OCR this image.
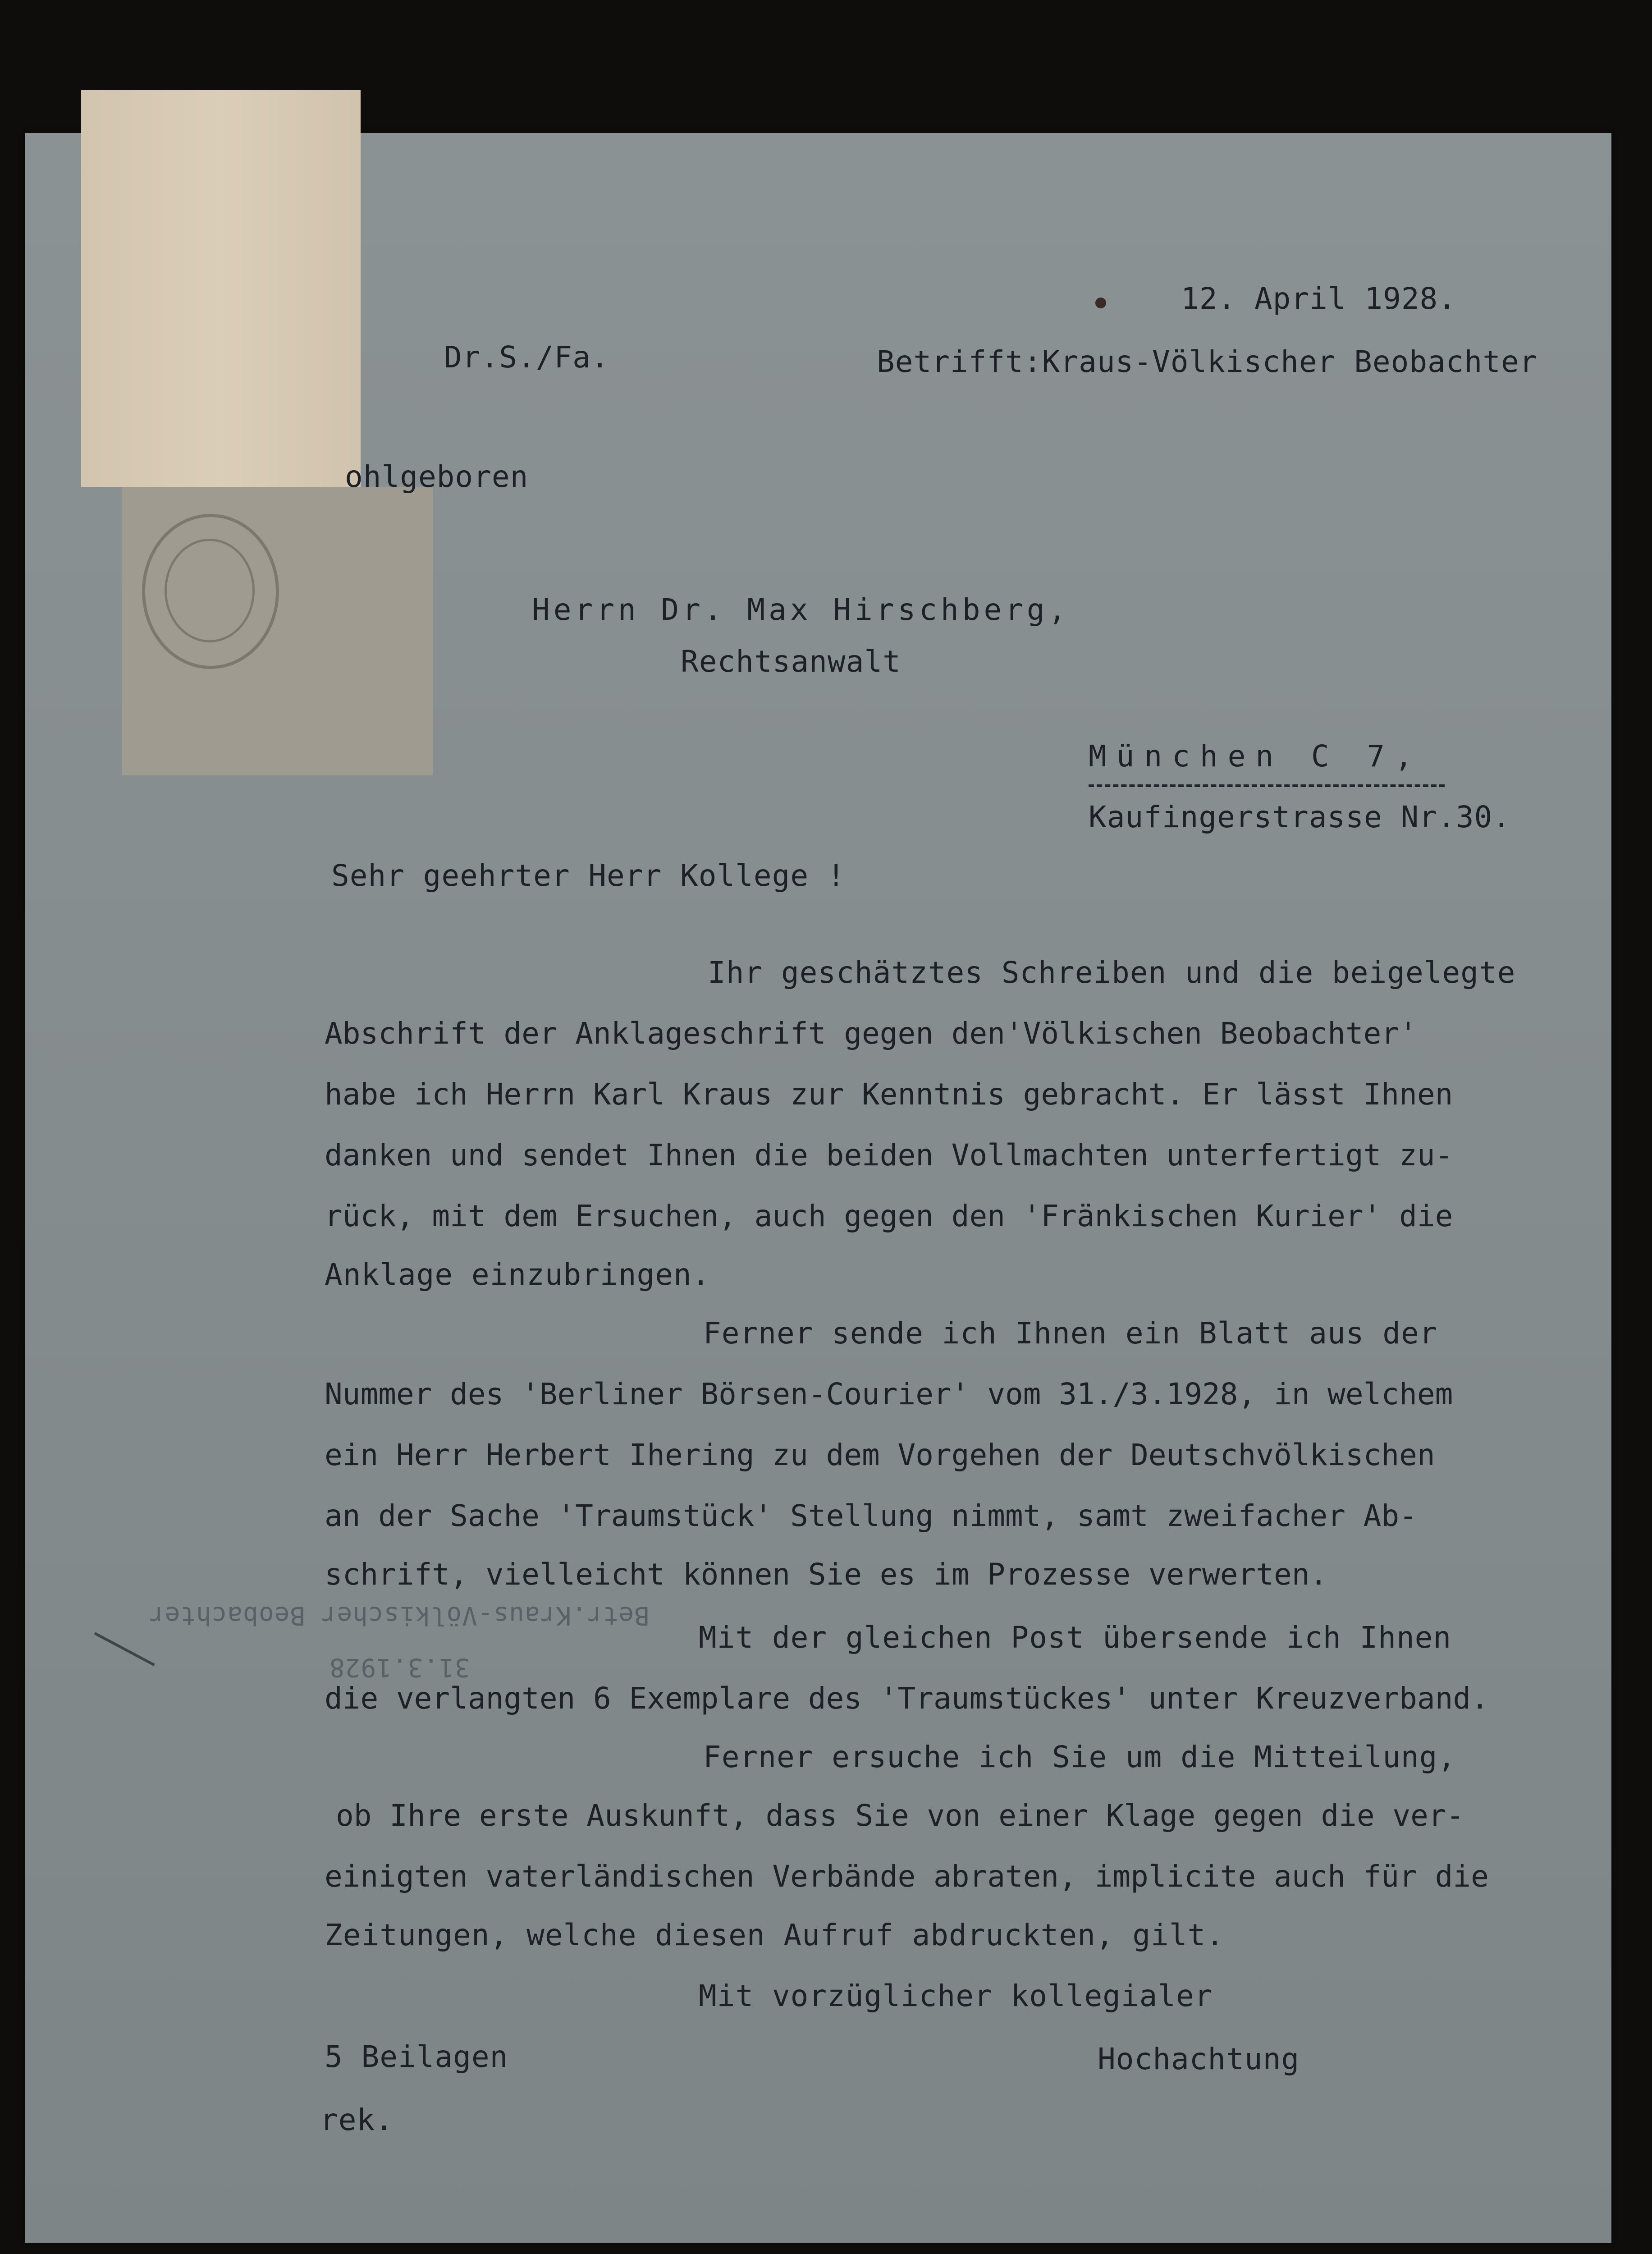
12. April 1928.

Dr.S./Fa.	Betrifft:Kraus-Völkischer Beobachter

ohlgeboren

Herrn Dr. Max Hirschberg,

Rechtsanwalt

München C 7,

Kaufingerstrasse Nr.30.

Sehr geehrter Herr Kollege !

Ihr geschätztes Schreiben und die beigelegte

Abschrift der Anklageschrift gegen den'Völkischen Beobachter'

habe ich Herrn Karl Kraus zur Kenntnis gebracht. Er lässt Ihnen

danken und sendet Ihnen die beiden Vollmachten unterfertigt zu-

rück, mit dem Ersuchen, auch gegen den 'Fränkischen Kurier' die

Anklage einzubringen.

Ferner sende ich Ihnen ein Blatt aus der

Nummer des 'Berliner Börsen-Courier' vom 31./3.1928, in welchem

ein Herr Herbert Ihering zu dem Vorgehen der Deutschvölkischen

an der Sache 'Traumstück' Stellung nimmt, samt zweifacher Ab-

schrift, vielleicht können Sie es im Prozesse verwerten.

Betr.Kraus-Völkischer Beobachter

31.3.1928

Mit der gleichen Post übersende ich Ihnen

die verlangten 6 Exemplare des 'Traumstückes' unter Kreuzverband.

Ferner ersuche ich Sie um die Mitteilung,

ob Ihre erste Auskunft, dass Sie von einer Klage gegen die ver-

einigten vaterländischen Verbände abraten, implicite auch für die

Zeitungen, welche diesen Aufruf abdruckten, gilt.

Mit vorzüglicher kollegialer

5 Beilagen	Hochachtung

rek.
